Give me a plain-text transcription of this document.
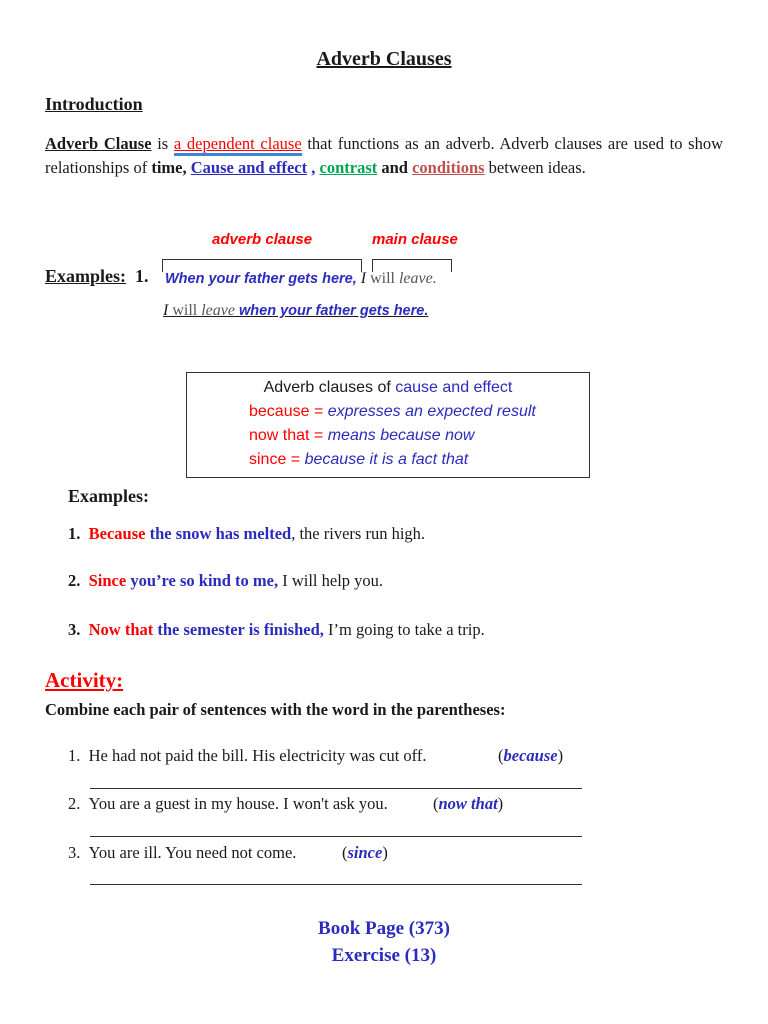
Adverb Clauses
Introduction
Adverb Clause is a dependent clause that functions as an adverb. Adverb clauses are used to show relationships of time, Cause and effect , contrast and conditions between ideas.
adverb clause	main clause
Examples: 1. When your father gets here, I will leave.
I will leave when your father gets here.
Adverb clauses of cause and effect
because = expresses an expected result
now that = means because now
since = because it is a fact that
Examples:
1. Because the snow has melted, the rivers run high.
2. Since you’re so kind to me, I will help you.
3. Now that the semester is finished, I’m going to take a trip.
Activity:
Combine each pair of sentences with the word in the parentheses:
1. He had not paid the bill. His electricity was cut off.	(because)
2. You are a guest in my house. I won't ask you.	(now that)
3. You are ill. You need not come.	(since)
Book Page (373)
Exercise (13)
